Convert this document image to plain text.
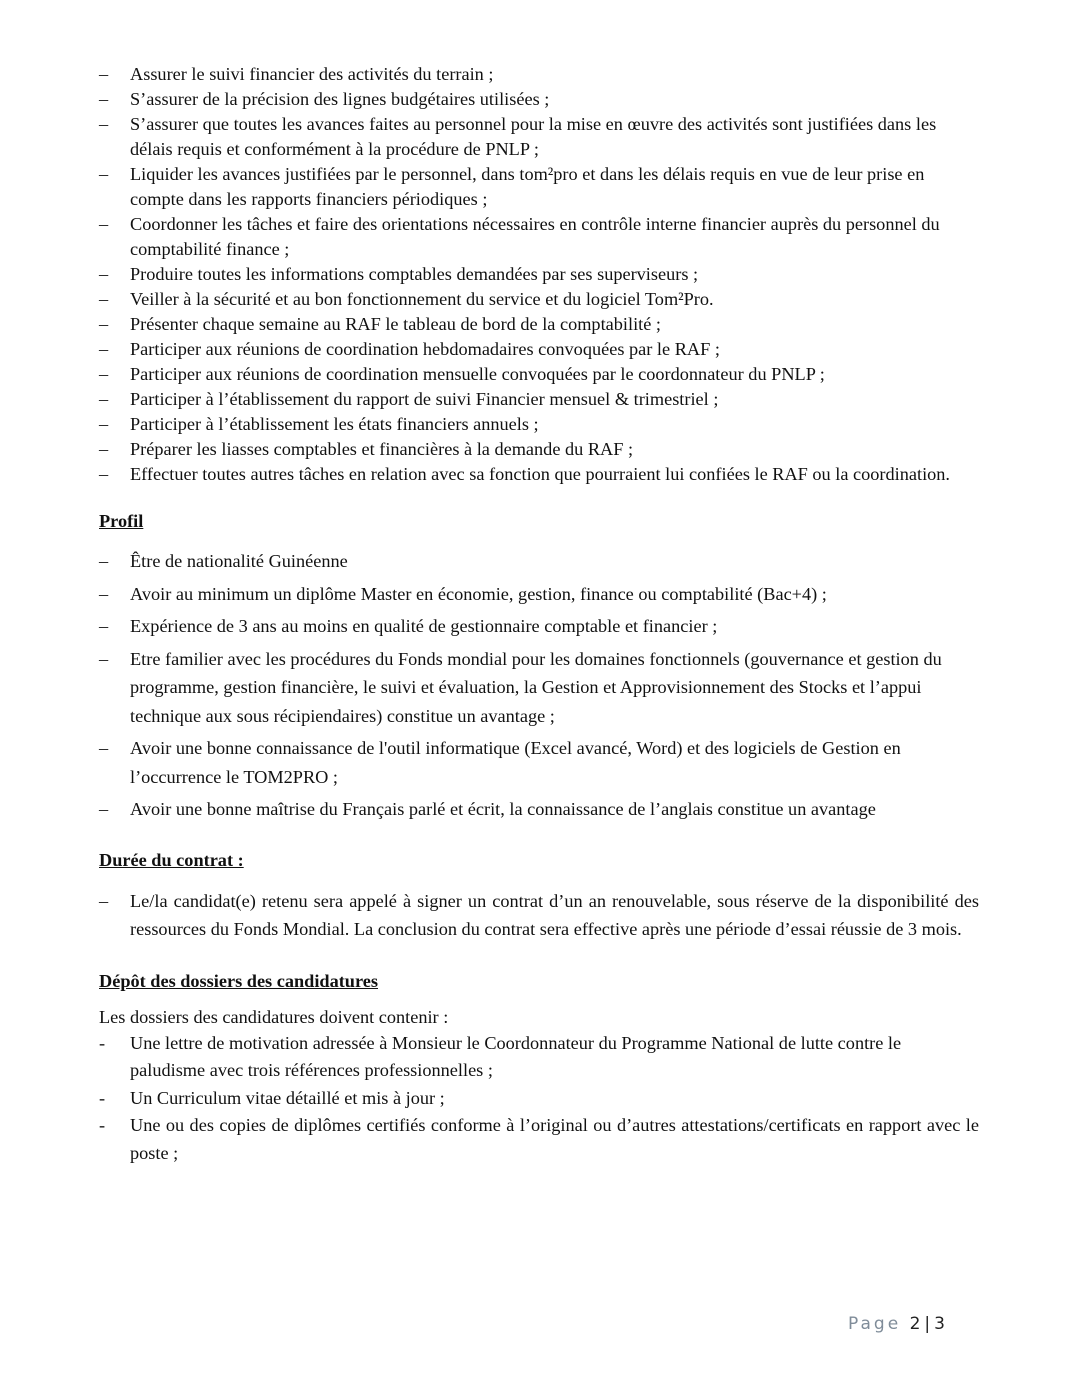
–	Assurer le suivi financier des activités du terrain ;
–	S’assurer de la précision des lignes budgétaires utilisées ;
–	S’assurer que toutes les avances faites au personnel pour la mise en œuvre des activités sont justifiées dans les délais requis et conformément à la procédure de PNLP ;
–	Liquider les avances justifiées par le personnel, dans tom²pro et dans les délais requis en vue de leur prise en compte dans les rapports financiers périodiques ;
–	Coordonner les tâches et faire des orientations nécessaires en contrôle interne financier auprès du personnel du comptabilité finance ;
–	Produire toutes les informations comptables demandées par ses superviseurs ;
–	Veiller à la sécurité et au bon fonctionnement du service et du logiciel Tom²Pro.
–	Présenter chaque semaine au RAF le tableau de bord de la comptabilité ;
–	Participer aux réunions de coordination hebdomadaires convoquées par le RAF ;
–	Participer aux réunions de coordination mensuelle convoquées par le coordonnateur du PNLP ;
–	Participer à l’établissement du rapport de suivi Financier mensuel & trimestriel ;
–	Participer à l’établissement les états financiers annuels ;
–	Préparer les liasses comptables et financières à la demande du RAF ;
–	Effectuer toutes autres tâches en relation avec sa fonction que pourraient lui confiées le RAF ou la coordination.
Profil
–	Être de nationalité Guinéenne
–	Avoir au minimum un diplôme Master en économie, gestion, finance ou comptabilité (Bac+4) ;
–	Expérience de 3 ans au moins en qualité de gestionnaire comptable et financier ;
–	Etre familier avec les procédures du Fonds mondial pour les domaines fonctionnels (gouvernance et gestion du programme, gestion financière, le suivi et évaluation, la Gestion et Approvisionnement des Stocks et l’appui technique aux sous récipiendaires) constitue un avantage ;
–	Avoir une bonne connaissance de l'outil informatique (Excel avancé, Word) et des logiciels de Gestion en l’occurrence le TOM2PRO ;
–	Avoir une bonne maîtrise du Français parlé et écrit, la connaissance de l’anglais constitue un avantage
Durée du contrat :
–	Le/la candidat(e) retenu sera appelé à signer un contrat d’un an renouvelable, sous réserve de la disponibilité des ressources du Fonds Mondial. La conclusion du contrat sera effective après une période d’essai réussie de 3 mois.
Dépôt des dossiers des candidatures

Les dossiers des candidatures doivent contenir :

-	Une lettre de motivation adressée à Monsieur le Coordonnateur du Programme National de lutte contre le paludisme avec trois références professionnelles ;
-	Un Curriculum vitae détaillé et mis à jour ;
-	Une ou des copies de diplômes certifiés conforme à l’original ou d’autres attestations/certificats en rapport avec le poste ;
Page 2 | 3
